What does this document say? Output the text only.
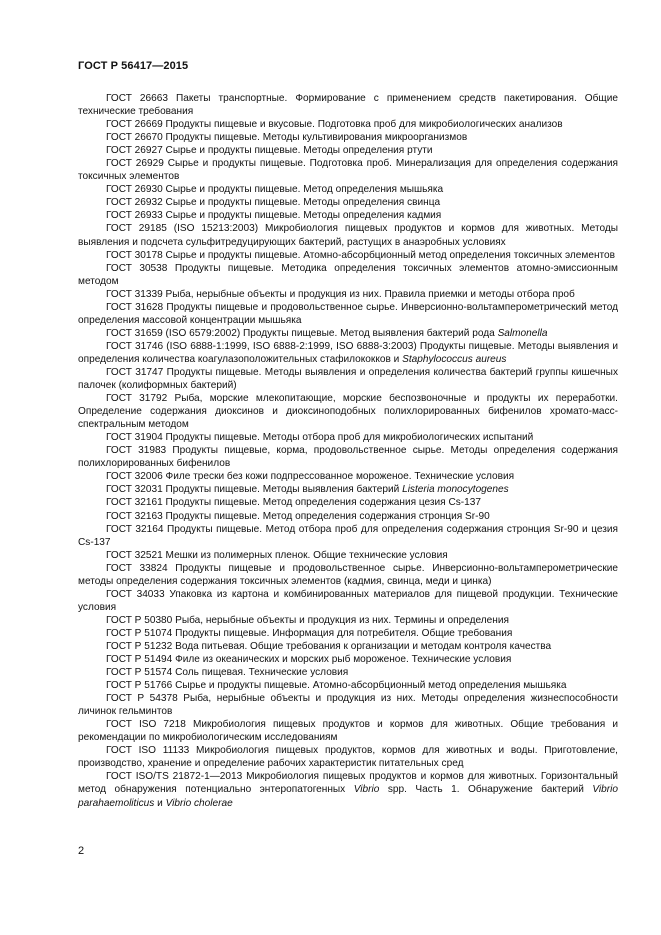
ГОСТ Р 56417—2015

ГОСТ 26663 Пакеты транспортные. Формирование с применением средств пакетирования. Общие технические требования

ГОСТ 26669 Продукты пищевые и вкусовые. Подготовка проб для микробиологических анализов

ГОСТ 26670 Продукты пищевые. Методы культивирования микроорганизмов

ГОСТ 26927 Сырье и продукты пищевые. Методы определения ртути

ГОСТ 26929 Сырье и продукты пищевые. Подготовка проб. Минерализация для определения содержания токсичных элементов

ГОСТ 26930 Сырье и продукты пищевые. Метод определения мышьяка

ГОСТ 26932 Сырье и продукты пищевые. Методы определения свинца

ГОСТ 26933 Сырье и продукты пищевые. Методы определения кадмия

ГОСТ 29185 (ISO 15213:2003) Микробиология пищевых продуктов и кормов для животных. Методы выявления и подсчета сульфитредуцирующих бактерий, растущих в анаэробных условиях

ГОСТ 30178 Сырье и продукты пищевые. Атомно-абсорбционный метод определения токсичных элементов

ГОСТ 30538 Продукты пищевые. Методика определения токсичных элементов атомно-эмиссионным методом

ГОСТ 31339 Рыба, нерыбные объекты и продукция из них. Правила приемки и методы отбора проб

ГОСТ 31628 Продукты пищевые и продовольственное сырье. Инверсионно-вольтамперометрический метод определения массовой концентрации мышьяка

ГОСТ 31659 (ISO 6579:2002) Продукты пищевые. Метод выявления бактерий рода Salmonella

ГОСТ 31746 (ISO 6888-1:1999, ISO 6888-2:1999, ISO 6888-3:2003) Продукты пищевые. Методы выявления и определения количества коагулазоположительных стафилококков и Staphylococcus aureus

ГОСТ 31747 Продукты пищевые. Методы выявления и определения количества бактерий группы кишечных палочек (колиформных бактерий)

ГОСТ 31792 Рыба, морские млекопитающие, морские беспозвоночные и продукты их переработки. Определение содержания диоксинов и диоксиноподобных полихлорированных бифенилов хромато-масс-спектральным методом

ГОСТ 31904 Продукты пищевые. Методы отбора проб для микробиологических испытаний

ГОСТ 31983 Продукты пищевые, корма, продовольственное сырье. Методы определения содержания полихлорированных бифенилов

ГОСТ 32006 Филе трески без кожи подпрессованное мороженое. Технические условия

ГОСТ 32031 Продукты пищевые. Методы выявления бактерий Listeria monocytogenes

ГОСТ 32161 Продукты пищевые. Метод определения содержания цезия Cs-137

ГОСТ 32163 Продукты пищевые. Метод определения содержания стронция Sr-90

ГОСТ 32164 Продукты пищевые. Метод отбора проб для определения содержания стронция Sr-90 и цезия Cs-137

ГОСТ 32521 Мешки из полимерных пленок. Общие технические условия

ГОСТ 33824 Продукты пищевые и продовольственное сырье. Инверсионно-вольтамперометрические методы определения содержания токсичных элементов (кадмия, свинца, меди и цинка)

ГОСТ 34033 Упаковка из картона и комбинированных материалов для пищевой продукции. Технические условия

ГОСТ Р 50380 Рыба, нерыбные объекты и продукция из них. Термины и определения

ГОСТ Р 51074 Продукты пищевые. Информация для потребителя. Общие требования

ГОСТ Р 51232 Вода питьевая. Общие требования к организации и методам контроля качества

ГОСТ Р 51494 Филе из океанических и морских рыб мороженое. Технические условия

ГОСТ Р 51574 Соль пищевая. Технические условия

ГОСТ Р 51766 Сырье и продукты пищевые. Атомно-абсорбционный метод определения мышьяка

ГОСТ Р 54378 Рыба, нерыбные объекты и продукция из них. Методы определения жизнеспособности личинок гельминтов

ГОСТ ISO 7218 Микробиология пищевых продуктов и кормов для животных. Общие требования и рекомендации по микробиологическим исследованиям

ГОСТ ISO 11133 Микробиология пищевых продуктов, кормов для животных и воды. Приготовление, производство, хранение и определение рабочих характеристик питательных сред

ГОСТ ISO/TS 21872-1—2013 Микробиология пищевых продуктов и кормов для животных. Горизонтальный метод обнаружения потенциально энтеропатогенных Vibrio spp. Часть 1. Обнаружение бактерий Vibrio parahaemoliticus и Vibrio cholerae

2
